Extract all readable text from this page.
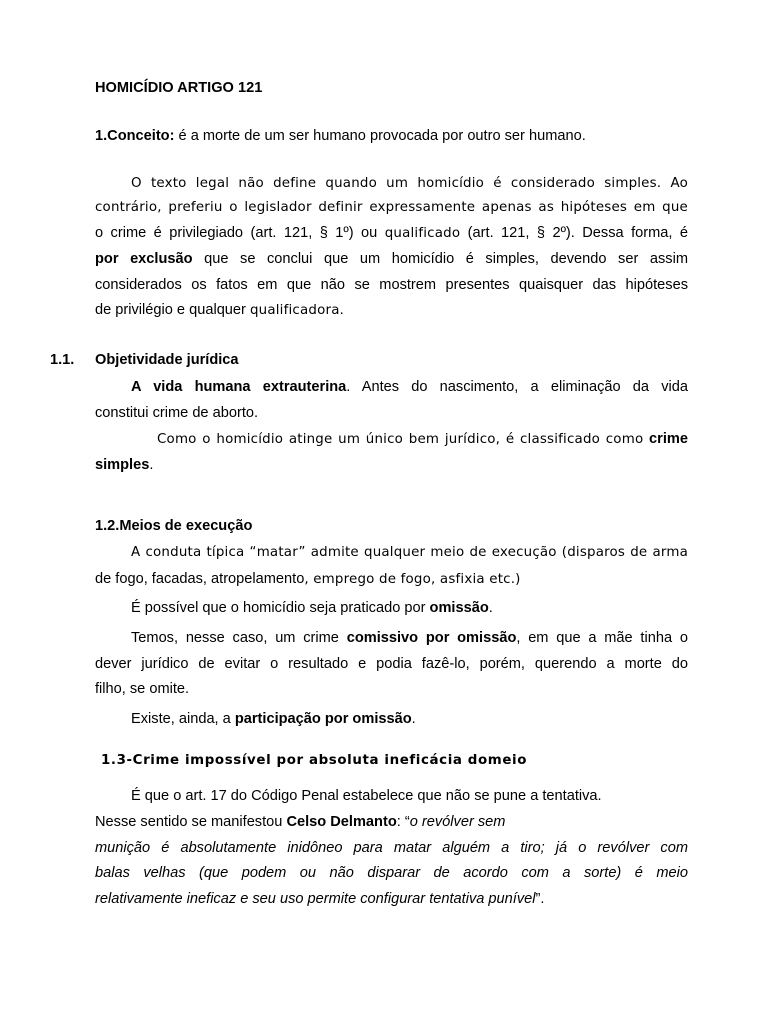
HOMICÍDIO ARTIGO 121
1.Conceito: é a morte de um ser humano provocada por outro ser humano.
O texto legal não define quando um homicídio é considerado simples. Ao
contrário, preferiu o legislador definir expressamente apenas as hipóteses em que
o crime é privilegiado (art. 121, § 1º) ou qualificado (art. 121, § 2º). Dessa forma, é
por exclusão que se conclui que um homicídio é simples, devendo ser assim
considerados os fatos em que não se mostrem presentes quaisquer das hipóteses
de privilégio e qualquer qualificadora.
1.1. Objetividade jurídica
A vida humana extrauterina. Antes do nascimento, a eliminação da vida
constitui crime de aborto.
Como o homicídio atinge um único bem jurídico, é classificado como crime
simples.
1.2.Meios de execução
A conduta típica “matar” admite qualquer meio de execução (disparos de arma
de fogo, facadas, atropelamento, emprego de fogo, asfixia etc.)
É possível que o homicídio seja praticado por omissão.
Temos, nesse caso, um crime comissivo por omissão, em que a mãe tinha o
dever jurídico de evitar o resultado e podia fazê-lo, porém, querendo a morte do
filho, se omite.
Existe, ainda, a participação por omissão.
1.3-Crime impossível por absoluta ineficácia domeio
É que o art. 17 do Código Penal estabelece que não se pune a tentativa.
Nesse sentido se manifestou Celso Delmanto: “o revólver sem
munição é absolutamente inidôneo para matar alguém a tiro; já o revólver com
balas velhas (que podem ou não disparar de acordo com a sorte) é meio
relativamente ineficaz e seu uso permite configurar tentativa punível”.
